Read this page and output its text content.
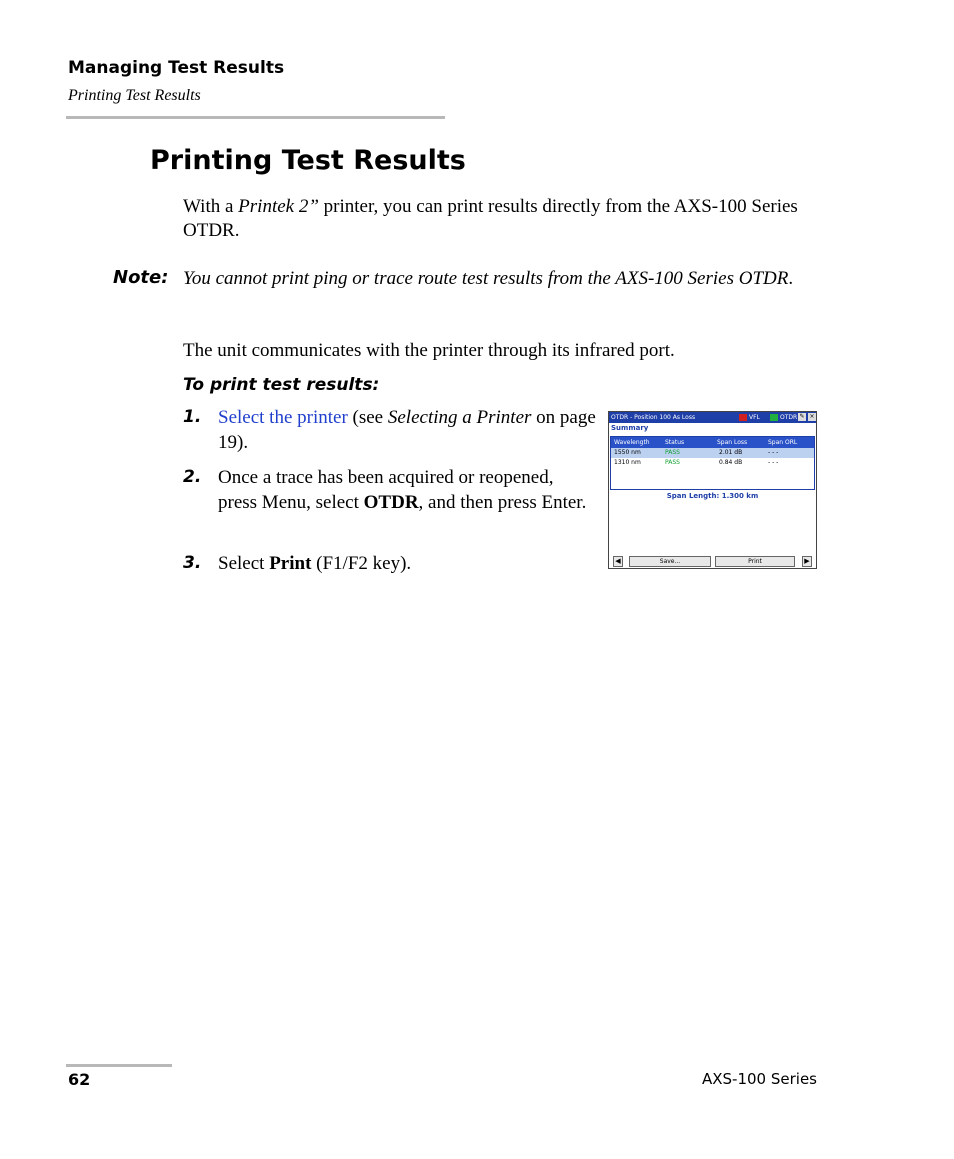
Managing Test Results
Printing Test Results
Printing Test Results
With a Printek 2” printer, you can print results directly from the AXS-100 Series OTDR.
Note: You cannot print ping or trace route test results from the AXS-100 Series OTDR.
The unit communicates with the printer through its infrared port.
To print test results:
1. Select the printer (see Selecting a Printer on page 19).
2. Once a trace has been acquired or reopened, press Menu, select OTDR, and then press Enter.
3. Select Print (F1/F2 key).
OTDR - Position 100 As Loss	VFL	OTDR ✎ ×
Summary
Wavelength	Status	Span Loss	Span ORL
1550 nm	PASS	2.01 dB	- - -
1310 nm	PASS	0.84 dB	- - -
Span Length: 1.300 km
◀	Save...	Print	▶
62	AXS-100 Series
